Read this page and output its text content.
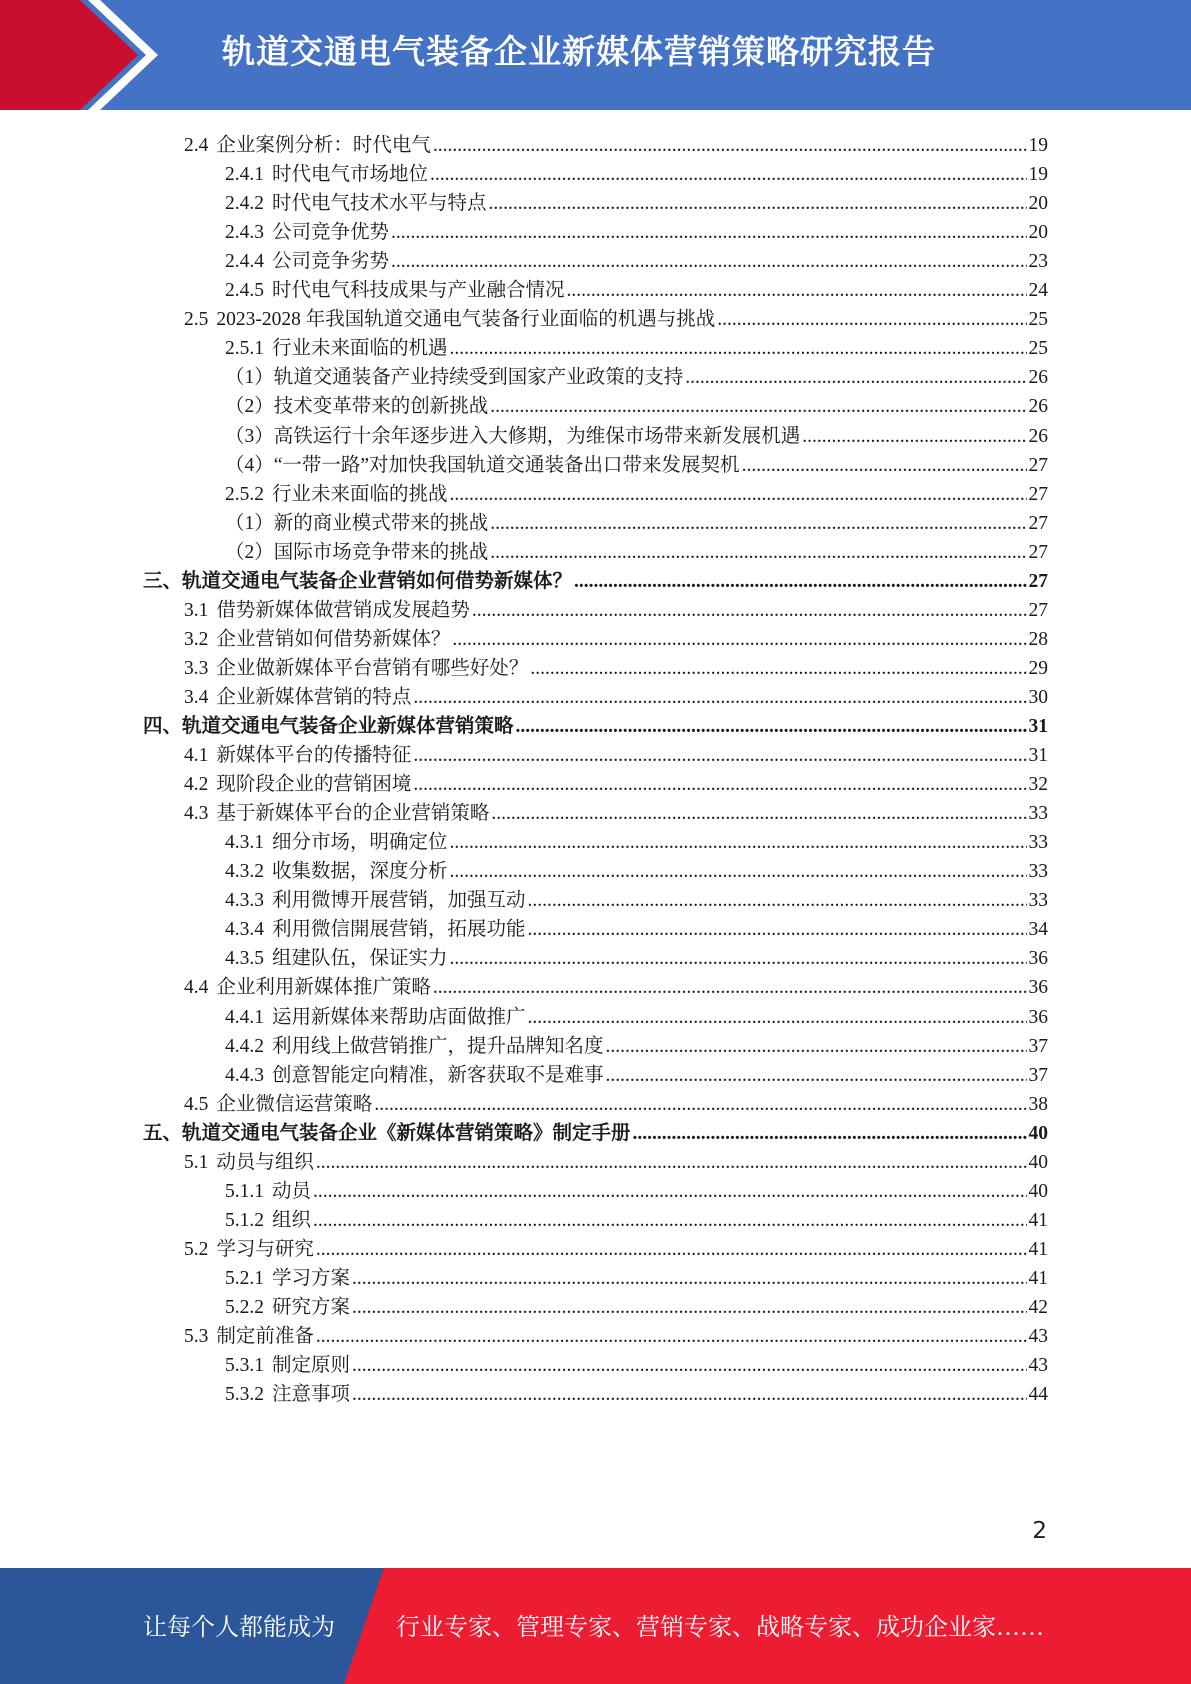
轨道交通电气装备企业新媒体营销策略研究报告
2.4 企业案例分析：时代电气 .....	19
2.4.1 时代电气市场地位 .....	19
2.4.2 时代电气技术水平与特点 .....	20
2.4.3 公司竞争优势 .....	20
2.4.4 公司竞争劣势 .....	23
2.4.5 时代电气科技成果与产业融合情况 .....	24
2.5 2023-2028 年我国轨道交通电气装备行业面临的机遇与挑战 .....	25
2.5.1 行业未来面临的机遇 .....	25
（1）轨道交通装备产业持续受到国家产业政策的支持 .....	26
（2）技术变革带来的创新挑战 .....	26
（3）高铁运行十余年逐步进入大修期，为维保市场带来新发展机遇 .....	26
（4）“一带一路”对加快我国轨道交通装备出口带来发展契机 .....	27
2.5.2 行业未来面临的挑战 .....	27
（1）新的商业模式带来的挑战 .....	27
（2）国际市场竞争带来的挑战 .....	27
三、 轨道交通电气装备企业营销如何借势新媒体？ .....	27
3.1 借势新媒体做营销成发展趋势 .....	27
3.2 企业营销如何借势新媒体？ .....	28
3.3 企业做新媒体平台营销有哪些好处？ .....	29
3.4 企业新媒体营销的特点 .....	30
四、 轨道交通电气装备企业新媒体营销策略 .....	31
4.1 新媒体平台的传播特征 .....	31
4.2 现阶段企业的营销困境 .....	32
4.3 基于新媒体平台的企业营销策略 .....	33
4.3.1 细分市场，明确定位 .....	33
4.3.2 收集数据，深度分析 .....	33
4.3.3 利用微博开展营销，加强互动 .....	33
4.3.4 利用微信開展营销，拓展功能 .....	34
4.3.5 组建队伍，保证实力 .....	36
4.4 企业利用新媒体推广策略 .....	36
4.4.1 运用新媒体来帮助店面做推广 .....	36
4.4.2 利用线上做营销推广，提升品牌知名度 .....	37
4.4.3 创意智能定向精准，新客获取不是难事 .....	37
4.5 企业微信运营策略 .....	38
五、 轨道交通电气装备企业《新媒体营销策略》制定手册 .....	40
5.1 动员与组织 .....	40
5.1.1 动员 .....	40
5.1.2 组织 .....	41
5.2 学习与研究 .....	41
5.2.1 学习方案 .....	41
5.2.2 研究方案 .....	42
5.3 制定前准备 .....	43
5.3.1 制定原则 .....	43
5.3.2 注意事项 .....	44
2
让每个人都能成为	行业专家、管理专家、营销专家、战略专家、成功企业家……
